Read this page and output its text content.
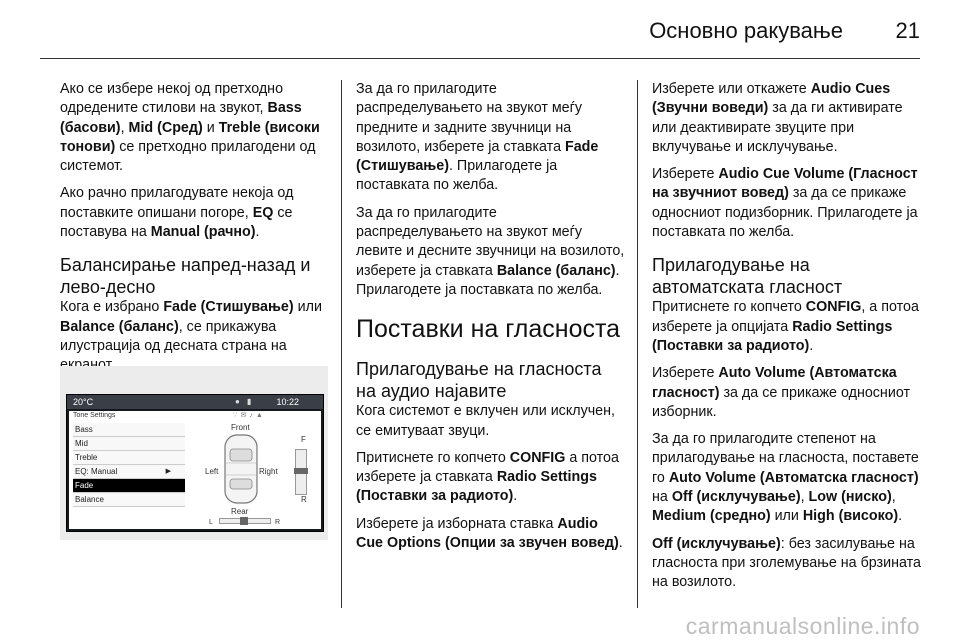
Основно ракување 21

Ако се избере некој од претходно одредените стилови на звукот, Bass (басови), Mid (Сред) и Treble (високи тонови) се претходно прилагодени од системот.

Ако рачно прилагодувате некоја од поставките опишани погоре, EQ се поставува на Manual (рачно).

Балансирање напред-назад и лево-десно

Кога е избрано Fade (Стишување) или Balance (баланс), се прикажува илустрација од десната страна на

20°C	● ▮	10:22
Tone Settings	∵✉♪▲
Bass
Mid
Treble
EQ: Manual	▶
Fade
Balance
Front
Left	Right
Rear
F
R
L	R

За да го прилагодите распределувањето на звукот меѓу предните и задните звучници на возилото, изберете ја ставката Fade (Стишување). Прилагодете ја поставката по желба.

За да го прилагодите распределувањето на звукот меѓу левите и десните звучници на возилото, изберете ја ставката Balance (баланс). Прилагодете ја поставката по желба.

Поставки на гласноста
Прилагодување на гласноста на аудио најавите

Кога системот е вклучен или исклучен, се емитуваат звуци.

Притиснете го копчето CONFIG а потоа изберете ја ставката Radio Settings (Поставки за радиото).

Изберете ја изборната ставка Audio Cue Options (Опции за звучен вовед).

Изберете или откажете Audio Cues (Звучни воведи) за да ги активирате или деактивирате звуците при вклучување и исклучување.

Изберете Audio Cue Volume (Гласност на звучниот вовед) за да се прикаже односниот подизборник. Прилагодете ја поставката по желба.

Прилагодување на автоматската гласност

Притиснете го копчето CONFIG, а потоа изберете ја опцијата Radio Settings (Поставки за радиото).

Изберете Auto Volume (Автоматска гласност) за да се прикаже односниот изборник.

За да го прилагодите степенот на прилагодување на гласноста, поставете го Auto Volume (Автоматска гласност) на Off (исклучување), Low (ниско), Medium (средно) или High (високо).

Off (исклучување): без засилување на гласноста при зголемување на брзината на возилото.

carmanualsonline.info
